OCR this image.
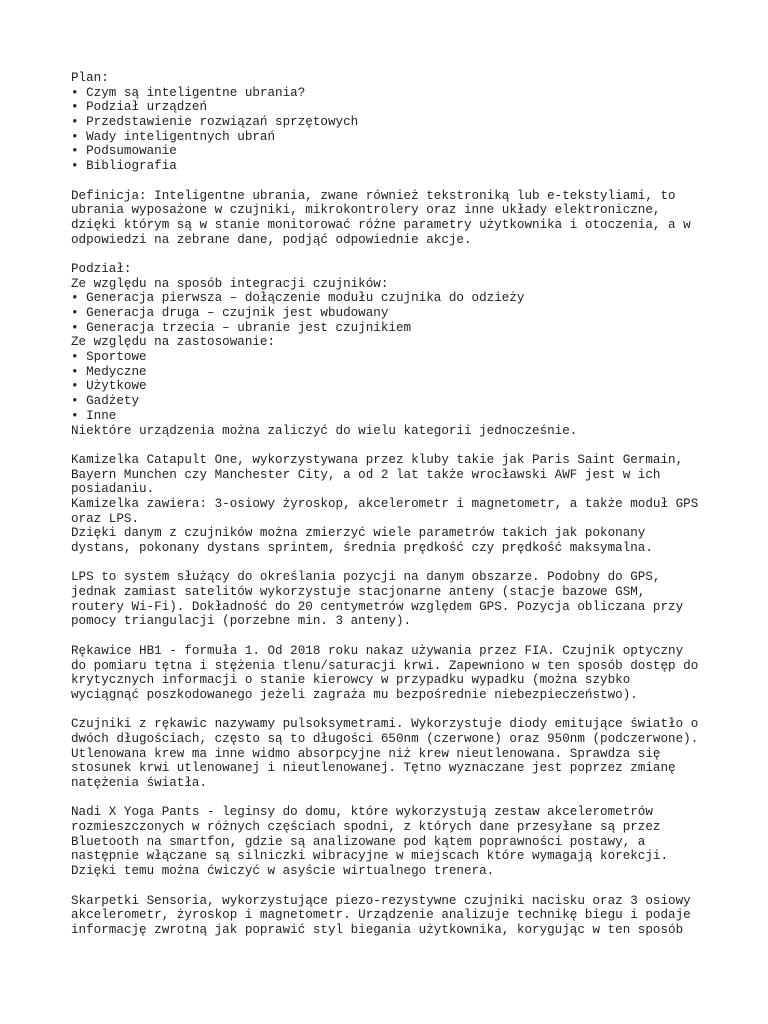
Plan:
• Czym są inteligentne ubrania?
• Podział urządzeń
• Przedstawienie rozwiązań sprzętowych
• Wady inteligentnych ubrań
• Podsumowanie
• Bibliografia
Definicja: Inteligentne ubrania, zwane również tekstroniką lub e-tekstyliami, to
ubrania wyposażone w czujniki, mikrokontrolery oraz inne układy elektroniczne,
dzięki którym są w stanie monitorować różne parametry użytkownika i otoczenia, a w
odpowiedzi na zebrane dane, podjąć odpowiednie akcje.
Podział:
Ze względu na sposób integracji czujników:
• Generacja pierwsza – dołączenie modułu czujnika do odzieży
• Generacja druga – czujnik jest wbudowany
• Generacja trzecia – ubranie jest czujnikiem
Ze względu na zastosowanie:
• Sportowe
• Medyczne
• Użytkowe
• Gadżety
• Inne
Niektóre urządzenia można zaliczyć do wielu kategorii jednocześnie.
Kamizelka Catapult One, wykorzystywana przez kluby takie jak Paris Saint Germain,
Bayern Munchen czy Manchester City, a od 2 lat także wrocławski AWF jest w ich
posiadaniu.
Kamizelka zawiera: 3-osiowy żyroskop, akcelerometr i magnetometr, a także moduł GPS
oraz LPS.
Dzięki danym z czujników można zmierzyć wiele parametrów takich jak pokonany
dystans, pokonany dystans sprintem, średnia prędkość czy prędkość maksymalna.
LPS to system służący do określania pozycji na danym obszarze. Podobny do GPS,
jednak zamiast satelitów wykorzystuje stacjonarne anteny (stacje bazowe GSM,
routery Wi-Fi). Dokładność do 20 centymetrów względem GPS. Pozycja obliczana przy
pomocy triangulacji (porzebne min. 3 anteny).
Rękawice HB1 - formuła 1. Od 2018 roku nakaz używania przez FIA. Czujnik optyczny
do pomiaru tętna i stężenia tlenu/saturacji krwi. Zapewniono w ten sposób dostęp do
krytycznych informacji o stanie kierowcy w przypadku wypadku (można szybko
wyciągnąć poszkodowanego jeżeli zagraża mu bezpośrednie niebezpieczeństwo).
Czujniki z rękawic nazywamy pulsoksymetrami. Wykorzystuje diody emitujące światło o
dwóch długościach, często są to długości 650nm (czerwone) oraz 950nm (podczerwone).
Utlenowana krew ma inne widmo absorpcyjne niż krew nieutlenowana. Sprawdza się
stosunek krwi utlenowanej i nieutlenowanej. Tętno wyznaczane jest poprzez zmianę
natężenia światła.
Nadi X Yoga Pants - leginsy do domu, które wykorzystują zestaw akcelerometrów
rozmieszczonych w różnych częściach spodni, z których dane przesyłane są przez
Bluetooth na smartfon, gdzie są analizowane pod kątem poprawności postawy, a
następnie włączane są silniczki wibracyjne w miejscach które wymagają korekcji.
Dzięki temu można ćwiczyć w asyście wirtualnego trenera.
Skarpetki Sensoria, wykorzystujące piezo-rezystywne czujniki nacisku oraz 3 osiowy
akcelerometr, żyroskop i magnetometr. Urządzenie analizuje technikę biegu i podaje
informację zwrotną jak poprawić styl biegania użytkownika, korygując w ten sposób
